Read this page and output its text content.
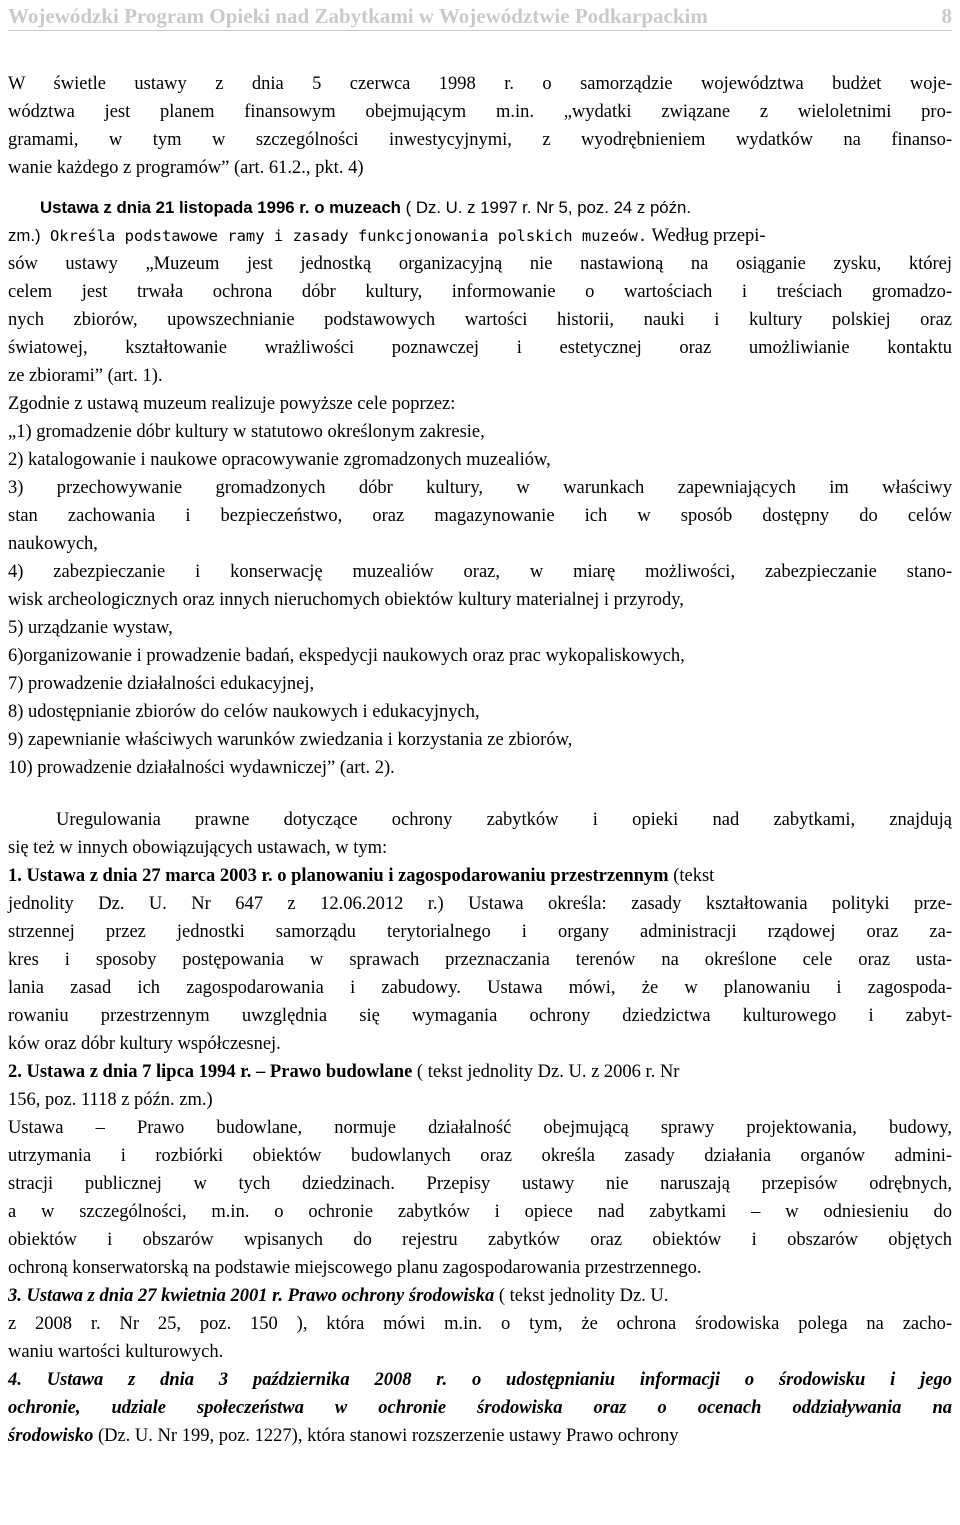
Wojewódzki Program Opieki nad Zabytkami w Województwie Podkarpackim	8
W świetle ustawy z dnia 5 czerwca 1998 r. o samorządzie województwa budżet woje-
wództwa jest planem finansowym obejmującym m.in. „wydatki związane z wieloletnimi pro-
gramami, w tym w szczególności inwestycyjnymi, z wyodrębnieniem wydatków na finanso-
wanie każdego z programów” (art. 61.2., pkt. 4)
Ustawa z dnia 21 listopada 1996 r. o muzeach ( Dz. U. z 1997 r. Nr 5, poz. 24 z późn.
zm.) Określa podstawowe ramy i zasady funkcjonowania polskich muzeów. Według przepi-
sów ustawy „Muzeum jest jednostką organizacyjną nie nastawioną na osiąganie zysku, której
celem jest trwała ochrona dóbr kultury, informowanie o wartościach i treściach gromadzo-
nych zbiorów, upowszechnianie podstawowych wartości historii, nauki i kultury polskiej oraz
światowej, kształtowanie wrażliwości poznawczej i estetycznej oraz umożliwianie kontaktu
ze zbiorami” (art. 1).
Zgodnie z ustawą muzeum realizuje powyższe cele poprzez:
„1) gromadzenie dóbr kultury w statutowo określonym zakresie,
2) katalogowanie i naukowe opracowywanie zgromadzonych muzealiów,
3) przechowywanie gromadzonych dóbr kultury, w warunkach zapewniających im właściwy
stan zachowania i bezpieczeństwo, oraz magazynowanie ich w sposób dostępny do celów
naukowych,
4) zabezpieczanie i konserwację muzealiów oraz, w miarę możliwości, zabezpieczanie stano-
wisk archeologicznych oraz innych nieruchomych obiektów kultury materialnej i przyrody,
5) urządzanie wystaw,
6)organizowanie i prowadzenie badań, ekspedycji naukowych oraz prac wykopaliskowych,
7) prowadzenie działalności edukacyjnej,
8) udostępnianie zbiorów do celów naukowych i edukacyjnych,
9) zapewnianie właściwych warunków zwiedzania i korzystania ze zbiorów,
10) prowadzenie działalności wydawniczej” (art. 2).
Uregulowania prawne dotyczące ochrony zabytków i opieki nad zabytkami, znajdują
się też w innych obowiązujących ustawach, w tym:
1. Ustawa z dnia 27 marca 2003 r. o planowaniu i zagospodarowaniu przestrzennym (tekst
jednolity Dz. U. Nr 647 z 12.06.2012 r.) Ustawa określa: zasady kształtowania polityki prze-
strzennej przez jednostki samorządu terytorialnego i organy administracji rządowej oraz za-
kres i sposoby postępowania w sprawach przeznaczania terenów na określone cele oraz usta-
lania zasad ich zagospodarowania i zabudowy. Ustawa mówi, że w planowaniu i zagospoda-
rowaniu przestrzennym uwzględnia się wymagania ochrony dziedzictwa kulturowego i zabyt-
ków oraz dóbr kultury współczesnej.
2. Ustawa z dnia 7 lipca 1994 r. – Prawo budowlane ( tekst jednolity Dz. U. z 2006 r. Nr
156, poz. 1118 z późn. zm.)
Ustawa – Prawo budowlane, normuje działalność obejmującą sprawy projektowania, budowy,
utrzymania i rozbiórki obiektów budowlanych oraz określa zasady działania organów admini-
stracji publicznej w tych dziedzinach. Przepisy ustawy nie naruszają przepisów odrębnych,
a w szczególności, m.in. o ochronie zabytków i opiece nad zabytkami – w odniesieniu do
obiektów i obszarów wpisanych do rejestru zabytków oraz obiektów i obszarów objętych
ochroną konserwatorską na podstawie miejscowego planu zagospodarowania przestrzennego.
3. Ustawa z dnia 27 kwietnia 2001 r. Prawo ochrony środowiska ( tekst jednolity Dz. U.
z 2008 r. Nr 25, poz. 150 ), która mówi m.in. o tym, że ochrona środowiska polega na zacho-
waniu wartości kulturowych.
4. Ustawa z dnia 3 października 2008 r. o udostępnianiu informacji o środowisku i jego
ochronie, udziale społeczeństwa w ochronie środowiska oraz o ocenach oddziaływania na
środowisko (Dz. U. Nr 199, poz. 1227), która stanowi rozszerzenie ustawy Prawo ochrony
